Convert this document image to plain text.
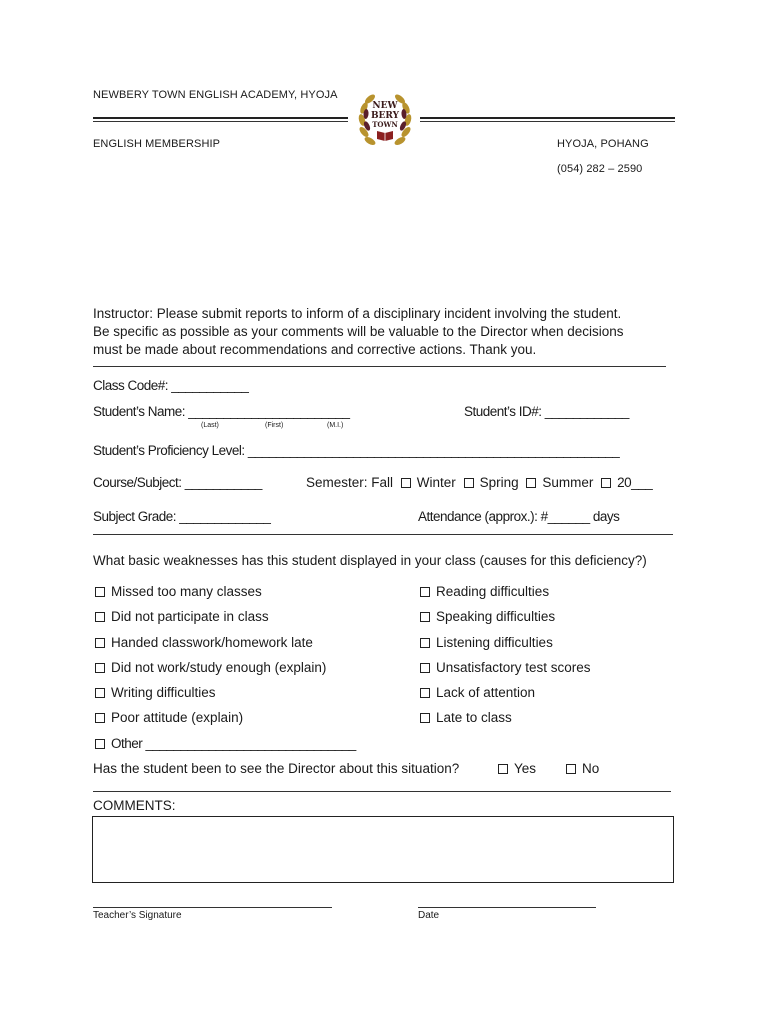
NEWBERY TOWN ENGLISH ACADEMY, HYOJA
NEW
BERY
TOWN
ENGLISH MEMBERSHIP	HYOJA, POHANG
(054) 282 – 2590
Instructor: Please submit reports to inform of a disciplinary incident involving the student.
Be specific as possible as your comments will be valuable to the Director when decisions
must be made about recommendations and corrective actions. Thank you.
Class Code#: ___________
Student’s Name: _______________________
(Last)	(First)	(M.I.)
Student’s ID#: ____________
Student’s Proficiency Level: _____________________________________________________
Course/Subject: ___________	Semester: Fall Winter Spring Summer 20___
Subject Grade: _____________	Attendance (approx.): #______ days
What basic weaknesses has this student displayed in your class (causes for this deficiency?)
Missed too many classes
Did not participate in class
Handed classwork/homework late
Did not work/study enough (explain)
Writing difficulties
Poor attitude (explain)
Other ______________________________
Reading difficulties
Speaking difficulties
Listening difficulties
Unsatisfactory test scores
Lack of attention
Late to class
Has the student been to see the Director about this situation?	Yes	No
COMMENTS:
Teacher’s Signature	Date
